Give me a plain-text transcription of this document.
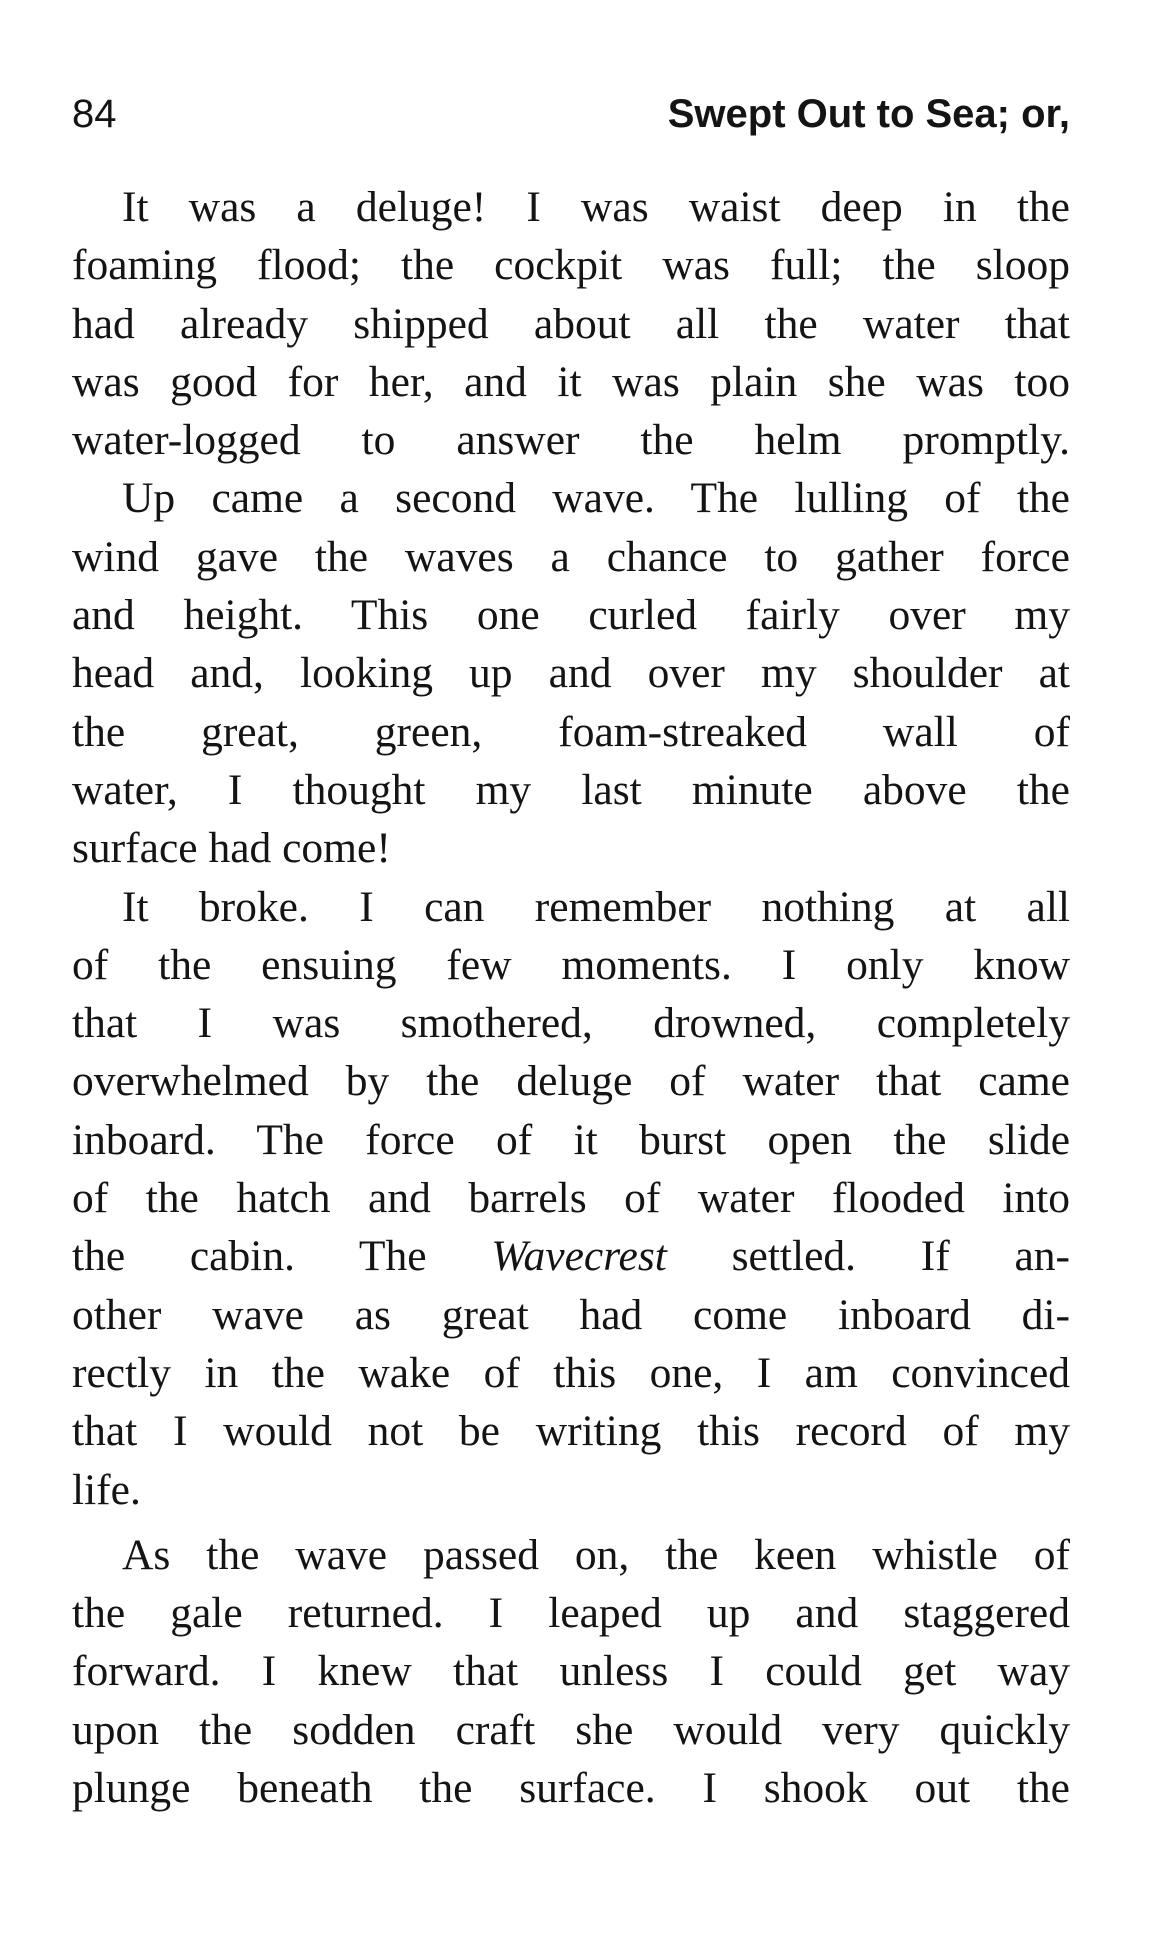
84	Swept Out to Sea; or,
It was a deluge! I was waist deep in the
foaming flood; the cockpit was full; the sloop
had already shipped about all the water that
was good for her, and it was plain she was too
water-logged to answer the helm promptly.
Up came a second wave. The lulling of the
wind gave the waves a chance to gather force
and height. This one curled fairly over my
head and, looking up and over my shoulder at
the great, green, foam-streaked wall of
water, I thought my last minute above the
surface had come!
It broke. I can remember nothing at all
of the ensuing few moments. I only know
that I was smothered, drowned, completely
overwhelmed by the deluge of water that came
inboard. The force of it burst open the slide
of the hatch and barrels of water flooded into
the cabin. The Wavecrest settled. If an-
other wave as great had come inboard di-
rectly in the wake of this one, I am convinced
that I would not be writing this record of my
life.
As the wave passed on, the keen whistle of
the gale returned. I leaped up and staggered
forward. I knew that unless I could get way
upon the sodden craft she would very quickly
plunge beneath the surface. I shook out the
